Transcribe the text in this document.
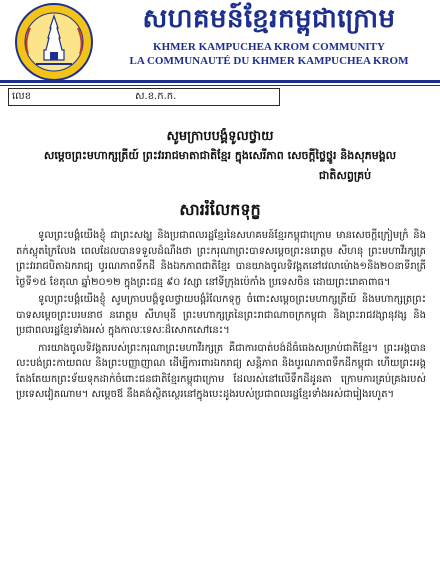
សហគមន៍ខ្មែរកម្ពុជាក្រោម
KHMER KAMPUCHEA KROM COMMUNITY
LA COMMUNAUTÉ DU KHMER KAMPUCHEA KROM
លេខ	ស.ខ.ក.ក.
សូមក្រាបបង្គំទូលថ្វាយ
សម្តេចព្រះមហាក្សត្រីយ៍ ព្រះវររាជមាតាជាតិខ្មែរ ក្នុងសេរីភាព សេចក្តីថ្លៃថ្នូរ និងសុភមង្គល
ជាតិសព្វគ្រប់
សាររំលែកទុក្ខ

ទូលព្រះបង្គំយើងខ្ញុំ ជាព្រះសង្ឃ និងប្រជាពលរដ្ឋខ្មែរនៃសហគមន៍ខ្មែរកម្ពុជាក្រោម មានសេចក្តីក្រៀមក្រំ និងតក់ស្លុតក្រៃលែង ពេលដែលបានទទួលដំណឹងថា ព្រះករុណាព្រះបាទសម្តេចព្រះនរោត្តម សីហនុ ព្រះមហាវីរក្សត្រ ព្រះវររាជបិតាឯករាជ្យ បូរណភាពទឹកដី និងឯកភាពជាតិខ្មែរ បានយាងចូលទិវង្គតនៅវេលាម៉ោង១និង២០នាទីរាត្រី ថ្ងៃទី១៥ ខែតុលា ឆ្នាំ២០១២ ក្នុងព្រះជន្ម ៩០ វស្សា នៅទីក្រុងប៉េកាំង ប្រទេសចិន ដោយព្រះរោគាពាធ។

ទូលព្រះបង្គំយើងខ្ញុំ សូមក្រាបបង្គំទូលថ្វាយបង្គំរំលែកទុក្ខ ចំពោះសម្តេចព្រះមហាក្សត្រីយ៍ និងមហាក្សត្រព្រះបាទសម្តេចព្រះបរមនាថ នរោត្តម សីហមុនី ព្រះមហាក្សត្រនៃព្រះរាជាណាចក្រកម្ពុជា និងព្រះរាជវង្សានុវង្ស និងប្រជាពលរដ្ឋខ្មែរទាំងអស់ ក្នុងកាលៈទេសៈដ៏សោកសៅនេះ។

ការយាងចូលទិវង្គតរបស់ព្រះករុណាព្រះមហាវីរក្សត្រ គឺជាការបាត់បង់ដ៏ធំធេងសម្រាប់ជាតិខ្មែរ។ ព្រះអង្គបានលះបង់ព្រះកាយពល និងព្រះបញ្ញាញាណ ដើម្បីការពារឯករាជ្យ សន្តិភាព និងបូរណភាពទឹកដីកម្ពុជា ហើយព្រះអង្គតែងតែយកព្រះទ័យទុកដាក់ចំពោះជនជាតិខ្មែរកម្ពុជាក្រោម ដែលរស់នៅលើទឹកដីដូនតា ក្រោមការគ្រប់គ្រងរបស់ប្រទេសវៀតណាម។ សម្តេចឪ នឹងគង់ស្ថិតស្ថេរនៅក្នុងបេះដូងរបស់ប្រជាពលរដ្ឋខ្មែរទាំងអស់ជារៀងរហូត។
